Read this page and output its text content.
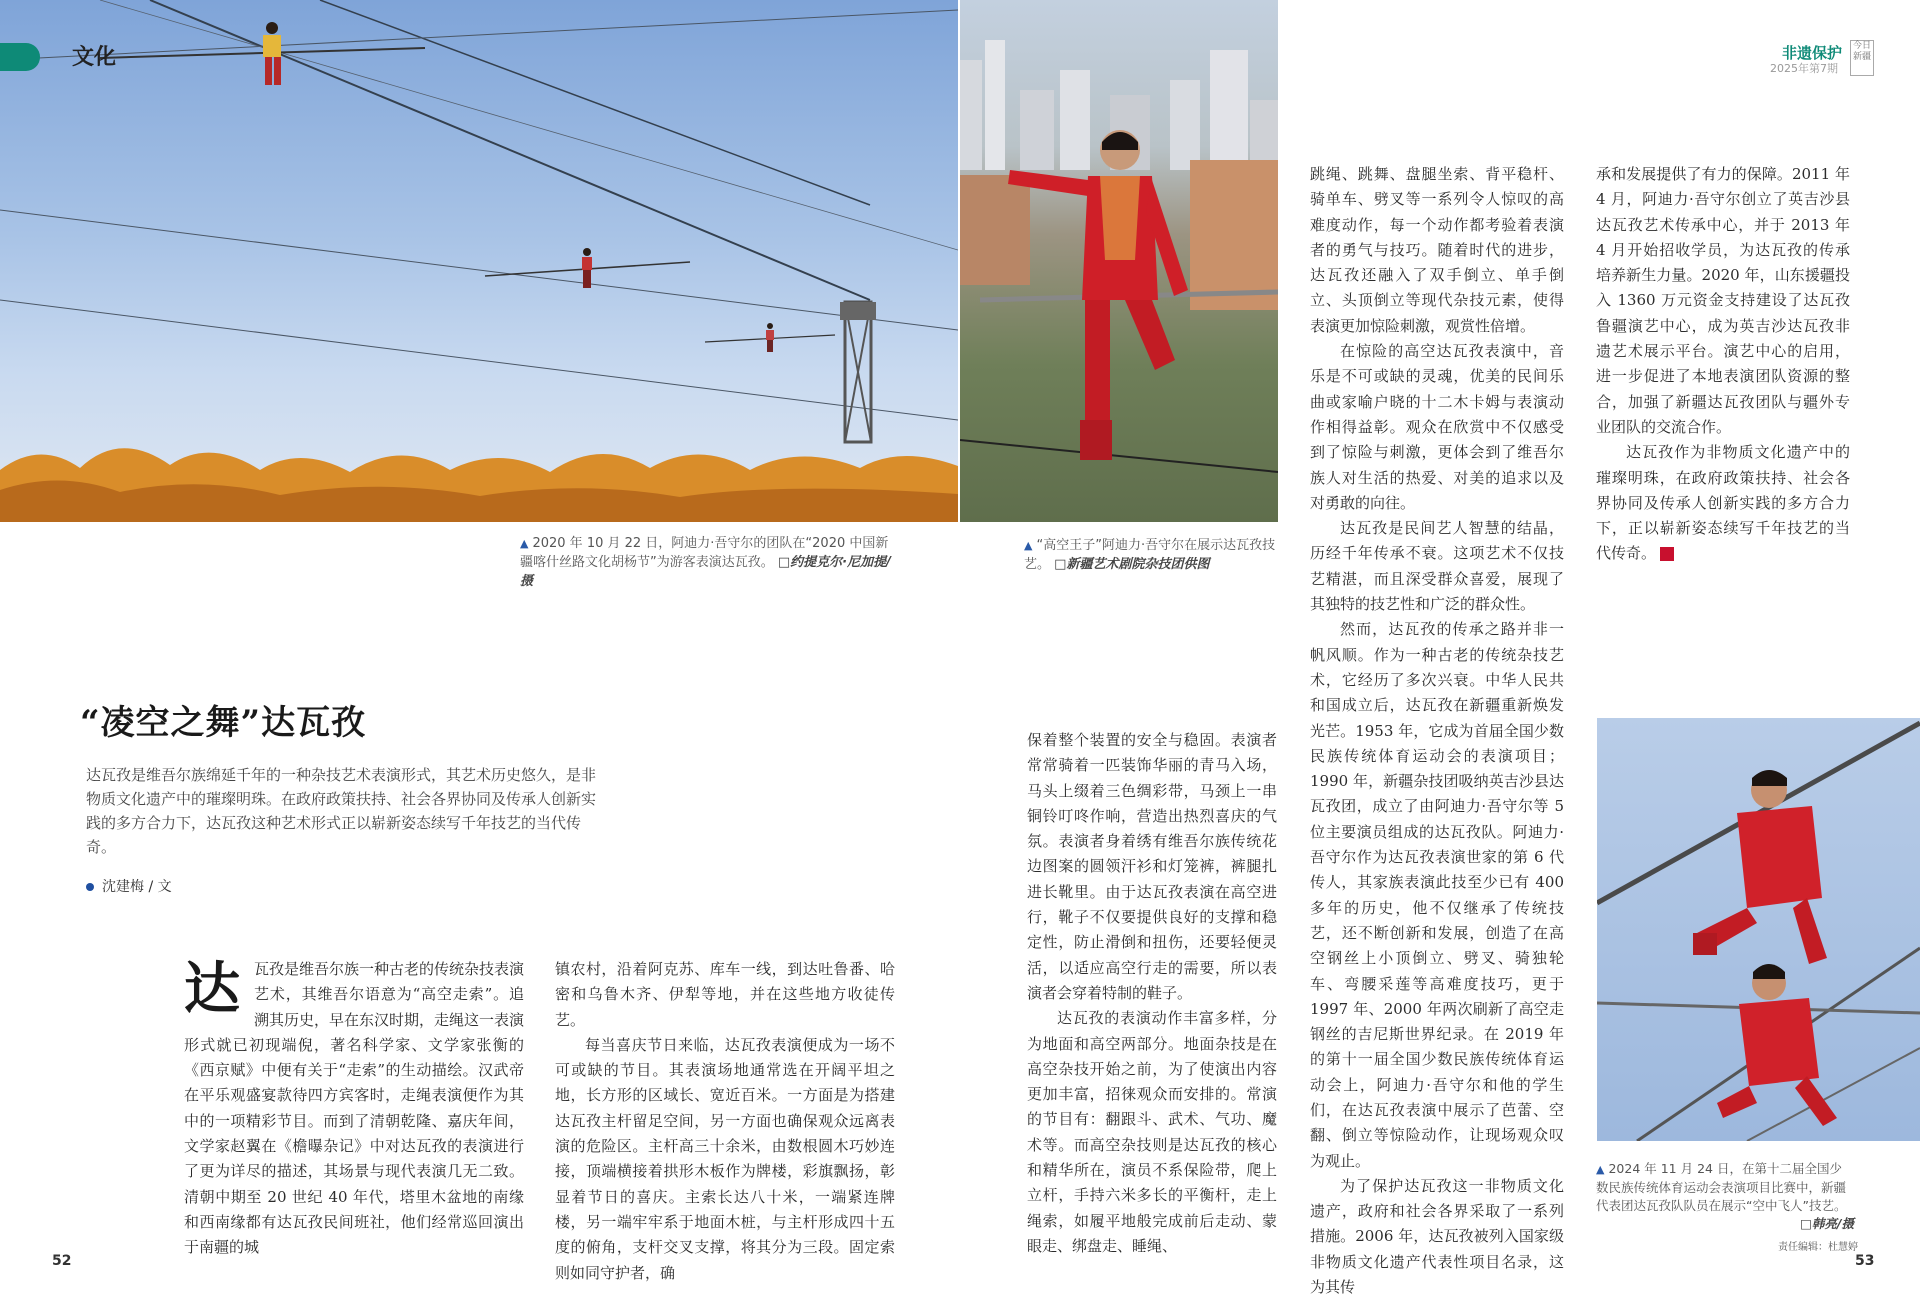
文化	非遗保护
2025年第7期
今日新疆
▲ 2020 年 10 月 22 日，阿迪力·吾守尔的团队在“2020 中国新疆喀什丝路文化胡杨节”为游客表演达瓦孜。 □约提克尔·尼加提/摄
▲ “高空王子”阿迪力·吾守尔在展示达瓦孜技艺。 □新疆艺术剧院杂技团供图
“凌空之舞”达瓦孜
达瓦孜是维吾尔族绵延千年的一种杂技艺术表演形式，其艺术历史悠久，是非物质文化遗产中的璀璨明珠。在政府政策扶持、社会各界协同及传承人创新实践的多方合力下，达瓦孜这种艺术形式正以崭新姿态续写千年技艺的当代传奇。
沈建梅 / 文
达 瓦孜是维吾尔族一种古老的传统杂技表演艺术，其维吾尔语意为“高空走索”。追溯其历史，早在东汉时期，走绳这一表演形式就已初现端倪，著名科学家、文学家张衡的《西京赋》中便有关于“走索”的生动描绘。汉武帝在平乐观盛宴款待四方宾客时，走绳表演便作为其中的一项精彩节目。而到了清朝乾隆、嘉庆年间，文学家赵翼在《檐曝杂记》中对达瓦孜的表演进行了更为详尽的描述，其场景与现代表演几无二致。清朝中期至 20 世纪 40 年代，塔里木盆地的南缘和西南缘都有达瓦孜民间班社，他们经常巡回演出于南疆的城

镇农村，沿着阿克苏、库车一线，到达吐鲁番、哈密和乌鲁木齐、伊犁等地，并在这些地方收徒传艺。

每当喜庆节日来临，达瓦孜表演便成为一场不可或缺的节目。其表演场地通常选在开阔平坦之地，长方形的区域长、宽近百米。一方面是为搭建达瓦孜主杆留足空间，另一方面也确保观众远离表演的危险区。主杆高三十余米，由数根圆木巧妙连接，顶端横接着拱形木板作为牌楼，彩旗飘扬，彰显着节日的喜庆。主索长达八十米，一端紧连牌楼，另一端牢牢系于地面木桩，与主杆形成四十五度的俯角，支杆交叉支撑，将其分为三段。固定索则如同守护者，确

保着整个装置的安全与稳固。表演者常常骑着一匹装饰华丽的青马入场，马头上缀着三色绸彩带，马颈上一串铜铃叮咚作响，营造出热烈喜庆的气氛。表演者身着绣有维吾尔族传统花边图案的圆领汗衫和灯笼裤，裤腿扎进长靴里。由于达瓦孜表演在高空进行，靴子不仅要提供良好的支撑和稳定性，防止滑倒和扭伤，还要轻便灵活，以适应高空行走的需要，所以表演者会穿着特制的鞋子。

达瓦孜的表演动作丰富多样，分为地面和高空两部分。地面杂技是在高空杂技开始之前，为了使演出内容更加丰富，招徕观众而安排的。常演的节目有：翻跟斗、武术、气功、魔术等。而高空杂技则是达瓦孜的核心和精华所在，演员不系保险带，爬上立杆，手持六米多长的平衡杆，走上绳索，如履平地般完成前后走动、蒙眼走、绑盘走、睡绳、

跳绳、跳舞、盘腿坐索、背平稳杆、骑单车、劈叉等一系列令人惊叹的高难度动作，每一个动作都考验着表演者的勇气与技巧。随着时代的进步，达瓦孜还融入了双手倒立、单手倒立、头顶倒立等现代杂技元素，使得表演更加惊险刺激，观赏性倍增。

在惊险的高空达瓦孜表演中，音乐是不可或缺的灵魂，优美的民间乐曲或家喻户晓的十二木卡姆与表演动作相得益彰。观众在欣赏中不仅感受到了惊险与刺激，更体会到了维吾尔族人对生活的热爱、对美的追求以及对勇敢的向往。

达瓦孜是民间艺人智慧的结晶，历经千年传承不衰。这项艺术不仅技艺精湛，而且深受群众喜爱，展现了其独特的技艺性和广泛的群众性。

然而，达瓦孜的传承之路并非一帆风顺。作为一种古老的传统杂技艺术，它经历了多次兴衰。中华人民共和国成立后，达瓦孜在新疆重新焕发光芒。1953 年，它成为首届全国少数民族传统体育运动会的表演项目；1990 年，新疆杂技团吸纳英吉沙县达瓦孜团，成立了由阿迪力·吾守尔等 5 位主要演员组成的达瓦孜队。阿迪力·吾守尔作为达瓦孜表演世家的第 6 代传人，其家族表演此技至少已有 400 多年的历史，他不仅继承了传统技艺，还不断创新和发展，创造了在高空钢丝上小顶倒立、劈叉、骑独轮车、弯腰采莲等高难度技巧，更于 1997 年、2000 年两次刷新了高空走钢丝的吉尼斯世界纪录。在 2019 年的第十一届全国少数民族传统体育运动会上，阿迪力·吾守尔和他的学生们，在达瓦孜表演中展示了芭蕾、空翻、倒立等惊险动作，让现场观众叹为观止。

为了保护达瓦孜这一非物质文化遗产，政府和社会各界采取了一系列措施。2006 年，达瓦孜被列入国家级非物质文化遗产代表性项目名录，这为其传

承和发展提供了有力的保障。2011 年 4 月，阿迪力·吾守尔创立了英吉沙县达瓦孜艺术传承中心，并于 2013 年 4 月开始招收学员，为达瓦孜的传承培养新生力量。2020 年，山东援疆投入 1360 万元资金支持建设了达瓦孜鲁疆演艺中心，成为英吉沙达瓦孜非遗艺术展示平台。演艺中心的启用，进一步促进了本地表演团队资源的整合，加强了新疆达瓦孜团队与疆外专业团队的交流合作。

达瓦孜作为非物质文化遗产中的璀璨明珠，在政府政策扶持、社会各界协同及传承人创新实践的多方合力下，正以崭新姿态续写千年技艺的当代传奇。	J

▲ 2024 年 11 月 24 日，在第十二届全国少数民族传统体育运动会表演项目比赛中，新疆代表团达瓦孜队队员在展示“空中飞人”技艺。
□韩亮/摄
52	53
责任编辑：杜慧婷
